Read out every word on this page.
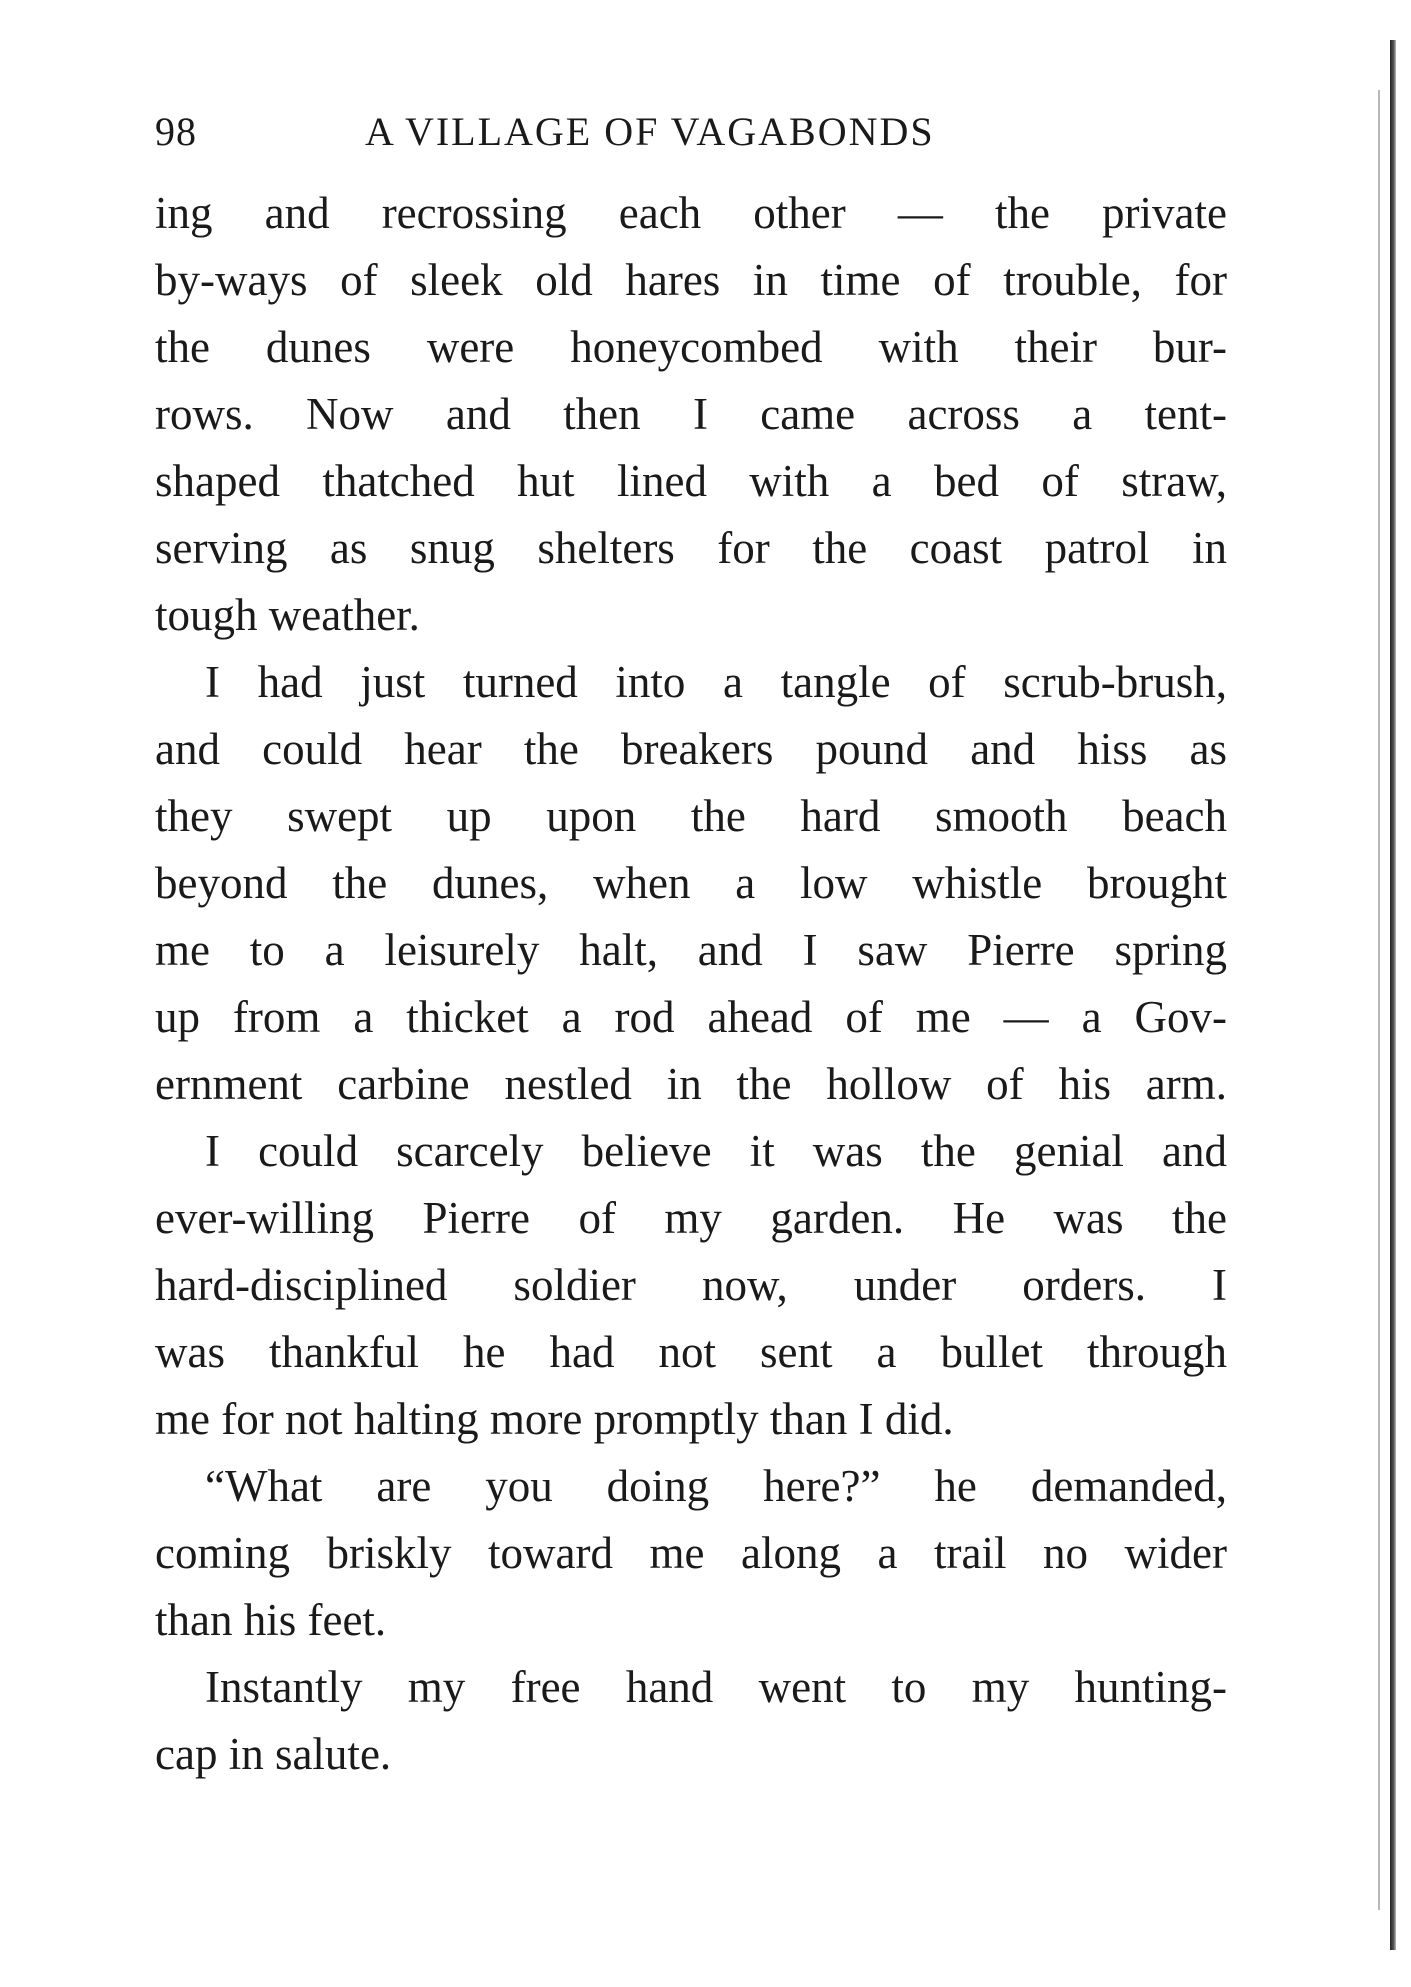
98	A VILLAGE OF VAGABONDS
ing and recrossing each other — the private
by-ways of sleek old hares in time of trouble, for
the dunes were honeycombed with their bur-
rows. Now and then I came across a tent-
shaped thatched hut lined with a bed of straw,
serving as snug shelters for the coast patrol in
tough weather.
I had just turned into a tangle of scrub-brush,
and could hear the breakers pound and hiss as
they swept up upon the hard smooth beach
beyond the dunes, when a low whistle brought
me to a leisurely halt, and I saw Pierre spring
up from a thicket a rod ahead of me — a Gov-
ernment carbine nestled in the hollow of his arm.
I could scarcely believe it was the genial and
ever-willing Pierre of my garden. He was the
hard-disciplined soldier now, under orders. I
was thankful he had not sent a bullet through
me for not halting more promptly than I did.
“What are you doing here?” he demanded,
coming briskly toward me along a trail no wider
than his feet.
Instantly my free hand went to my hunting-
cap in salute.
